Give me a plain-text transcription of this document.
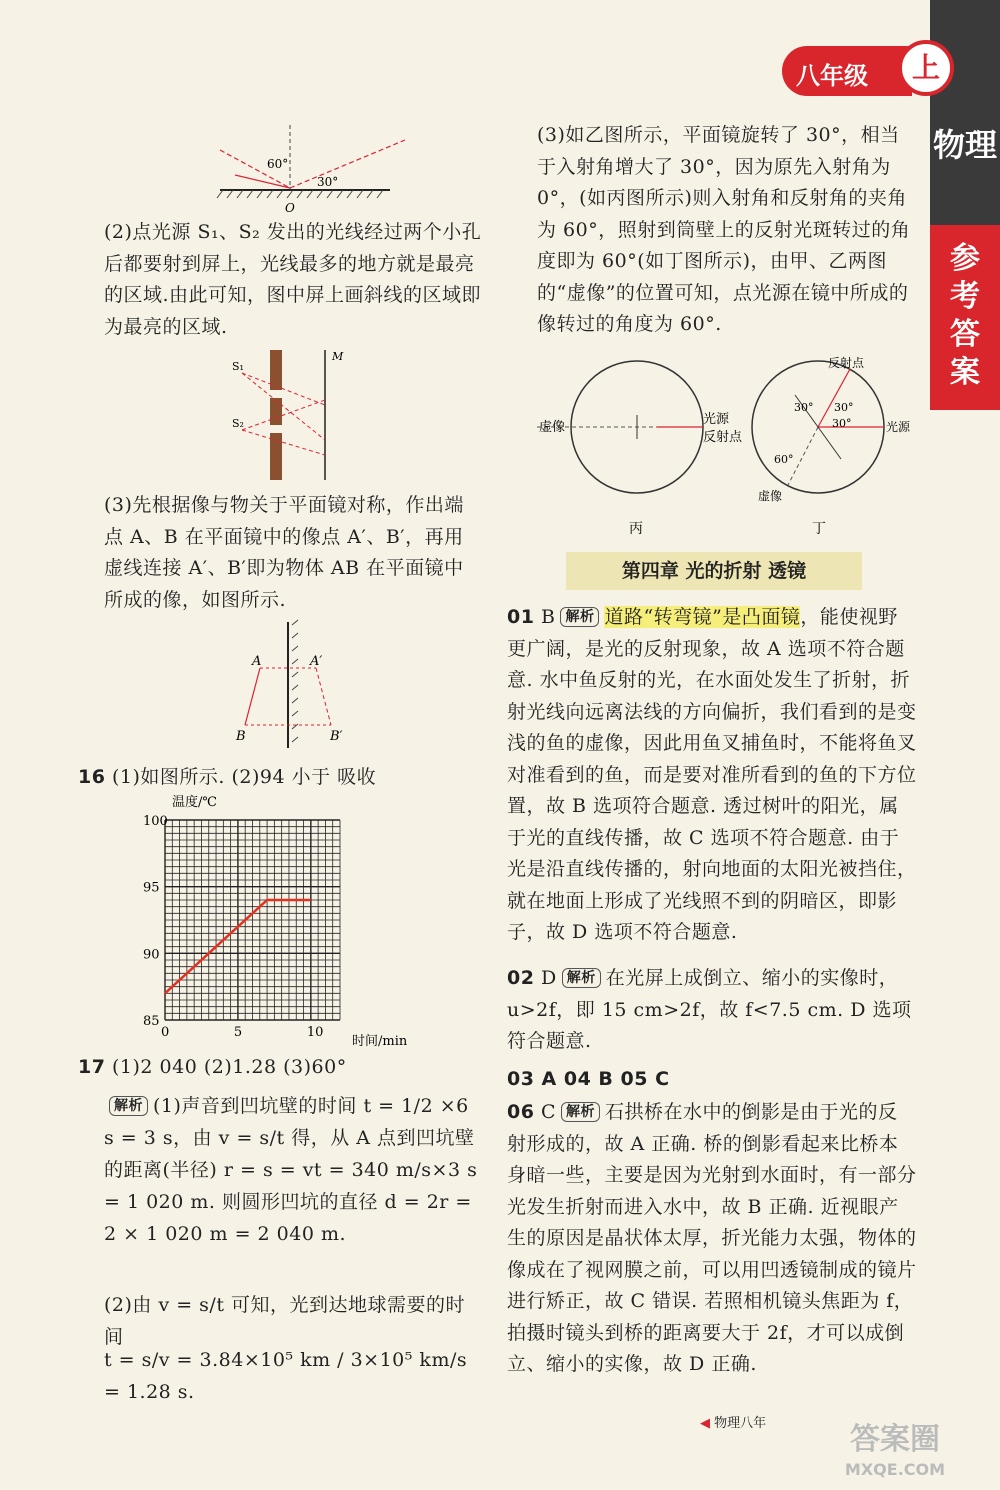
物理
参考答案
八年级	上
60°
30°
O
(2)点光源 S₁、S₂ 发出的光线经过两个小孔后都要射到屏上，光线最多的地方就是最亮的区域.由此可知，图中屏上画斜线的区域即为最亮的区域.
S₁
S₂
M
(3)先根据像与物关于平面镜对称，作出端点 A、B 在平面镜中的像点 A′、B′，再用虚线连接 A′、B′即为物体 AB 在平面镜中所成的像，如图所示.
A	A′
B	B′
16 (1)如图所示. (2)94 小于 吸收
温度/℃
时间/min
0	5	10
85
90
95
100
17 (1)2 040 (2)1.28 (3)60°
解析 (1)声音到凹坑壁的时间 t = 1/2 ×6 s = 3 s，由 v = s/t 得，从 A 点到凹坑壁的距离(半径) r = s = vt = 340 m/s×3 s = 1 020 m. 则圆形凹坑的直径 d = 2r = 2 × 1 020 m = 2 040 m.
(2)由 v = s/t 可知，光到达地球需要的时间
t = s/v = 3.84×10⁵ km / 3×10⁵ km/s = 1.28 s.
(3)如乙图所示，平面镜旋转了 30°，相当于入射角增大了 30°，因为原先入射角为 0°，(如丙图所示)则入射角和反射角的夹角为 60°，照射到筒壁上的反射光斑转过的角度即为 60°(如丁图所示)，由甲、乙两图的“虚像”的位置可知，点光源在镜中所成的像转过的角度为 60°.
虚像
光源
反射点
丙
反射点
光源
虚像
30° 30°
30°
60°
丁
第四章 光的折射 透镜
01 B 解析 道路“转弯镜”是凸面镜，能使视野更广阔，是光的反射现象，故 A 选项不符合题意. 水中鱼反射的光，在水面处发生了折射，折射光线向远离法线的方向偏折，我们看到的是变浅的鱼的虚像，因此用鱼叉捕鱼时，不能将鱼叉对准看到的鱼，而是要对准所看到的鱼的下方位置，故 B 选项符合题意. 透过树叶的阳光，属于光的直线传播，故 C 选项不符合题意. 由于光是沿直线传播的，射向地面的太阳光被挡住，就在地面上形成了光线照不到的阴暗区，即影子，故 D 选项不符合题意.
02 D 解析 在光屏上成倒立、缩小的实像时，u>2f，即 15 cm>2f，故 f<7.5 cm. D 选项符合题意.
03 A 04 B 05 C
06 C 解析 石拱桥在水中的倒影是由于光的反射形成的，故 A 正确. 桥的倒影看起来比桥本身暗一些，主要是因为光射到水面时，有一部分光发生折射而进入水中，故 B 正确. 近视眼产生的原因是晶状体太厚，折光能力太强，物体的像成在了视网膜之前，可以用凹透镜制成的镜片进行矫正，故 C 错误. 若照相机镜头焦距为 f，拍摄时镜头到桥的距离要大于 2f，才可以成倒立、缩小的实像，故 D 正确.
◀ 物理八年	答案圈
MXQE.COM
